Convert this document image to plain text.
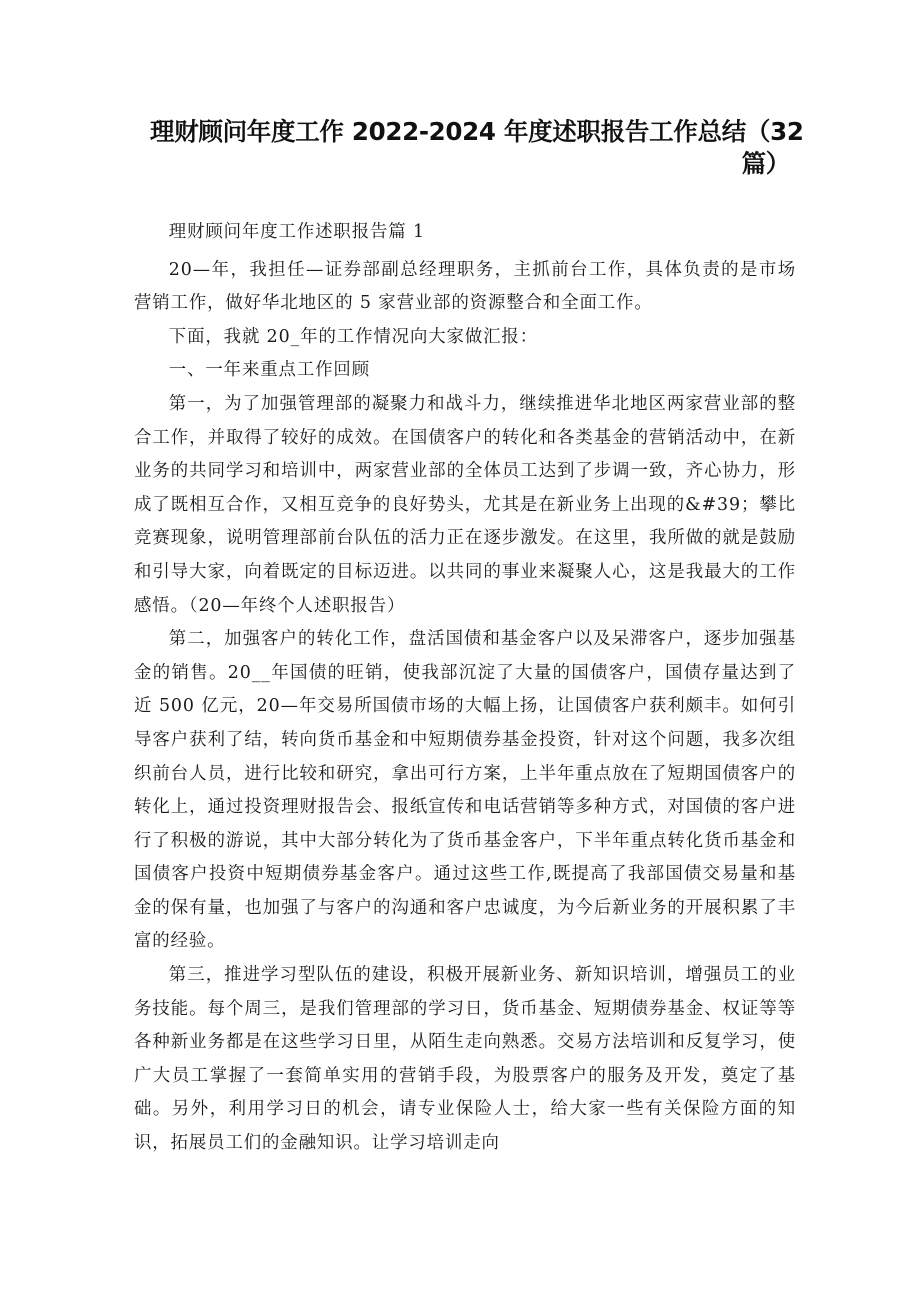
理财顾问年度工作 2022-2024 年度述职报告工作总结（32
篇）

理财顾问年度工作述职报告篇 1

20—年，我担任—证券部副总经理职务，主抓前台工作，具体负责的是市场营销工作，做好华北地区的 5 家营业部的资源整合和全面工作。

下面，我就 20_年的工作情况向大家做汇报：

一、一年来重点工作回顾

第一，为了加强管理部的凝聚力和战斗力，继续推进华北地区两家营业部的整合工作，并取得了较好的成效。在国债客户的转化和各类基金的营销活动中，在新业务的共同学习和培训中，两家营业部的全体员工达到了步调一致，齐心协力，形成了既相互合作，又相互竞争的良好势头，尤其是在新业务上出现的&#39；攀比竞赛现象，说明管理部前台队伍的活力正在逐步激发。在这里，我所做的就是鼓励和引导大家，向着既定的目标迈进。以共同的事业来凝聚人心，这是我最大的工作感悟。（20—年终个人述职报告）

第二，加强客户的转化工作，盘活国债和基金客户以及呆滞客户，逐步加强基金的销售。20__年国债的旺销，使我部沉淀了大量的国债客户，国债存量达到了近 500 亿元，20—年交易所国债市场的大幅上扬，让国债客户获利颇丰。如何引导客户获利了结，转向货币基金和中短期债券基金投资，针对这个问题，我多次组织前台人员，进行比较和研究，拿出可行方案，上半年重点放在了短期国债客户的转化上，通过投资理财报告会、报纸宣传和电话营销等多种方式，对国债的客户进行了积极的游说，其中大部分转化为了货币基金客户，下半年重点转化货币基金和国债客户投资中短期债券基金客户。通过这些工作,既提高了我部国债交易量和基金的保有量，也加强了与客户的沟通和客户忠诚度，为今后新业务的开展积累了丰富的经验。

第三，推进学习型队伍的建设，积极开展新业务、新知识培训，增强员工的业务技能。每个周三，是我们管理部的学习日，货币基金、短期债券基金、权证等等各种新业务都是在这些学习日里，从陌生走向熟悉。交易方法培训和反复学习，使广大员工掌握了一套简单实用的营销手段，为股票客户的服务及开发，奠定了基础。另外，利用学习日的机会，请专业保险人士，给大家一些有关保险方面的知识，拓展员工们的金融知识。让学习培训走向
